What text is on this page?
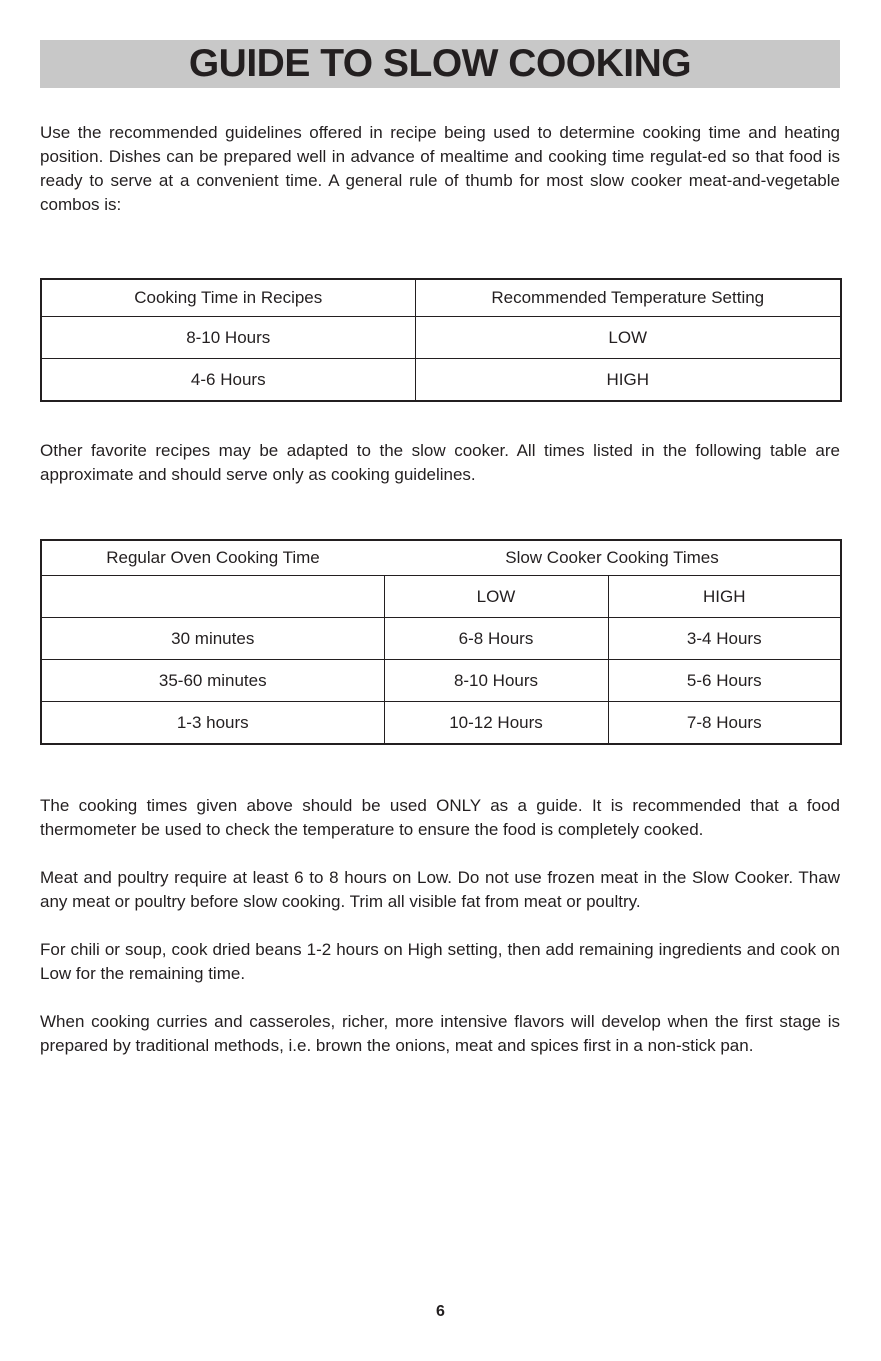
GUIDE TO SLOW COOKING

Use the recommended guidelines offered in recipe being used to determine cooking time and heating position. Dishes can be prepared well in advance of mealtime and cooking time regulat-ed so that food is ready to serve at a convenient time. A general rule of thumb for most slow cooker meat-and-vegetable combos is:

Cooking Time in Recipes	Recommended Temperature Setting
8-10 Hours	LOW
4-6 Hours	HIGH

Other favorite recipes may be adapted to the slow cooker. All times listed in the following table are approximate and should serve only as cooking guidelines.

Regular Oven Cooking Time	Slow Cooker Cooking Times	
	LOW	HIGH
30 minutes	6-8 Hours	3-4 Hours
35-60 minutes	8-10 Hours	5-6 Hours
1-3 hours	10-12 Hours	7-8 Hours

The cooking times given above should be used ONLY as a guide. It is recommended that a food thermometer be used to check the temperature to ensure the food is completely cooked.

Meat and poultry require at least 6 to 8 hours on Low. Do not use frozen meat in the Slow Cooker. Thaw any meat or poultry before slow cooking. Trim all visible fat from meat or poultry.

For chili or soup, cook dried beans 1-2 hours on High setting, then add remaining ingredients and cook on Low for the remaining time.

When cooking curries and casseroles, richer, more intensive flavors will develop when the first stage is prepared by traditional methods, i.e. brown the onions, meat and spices first in a non-stick pan.

6
